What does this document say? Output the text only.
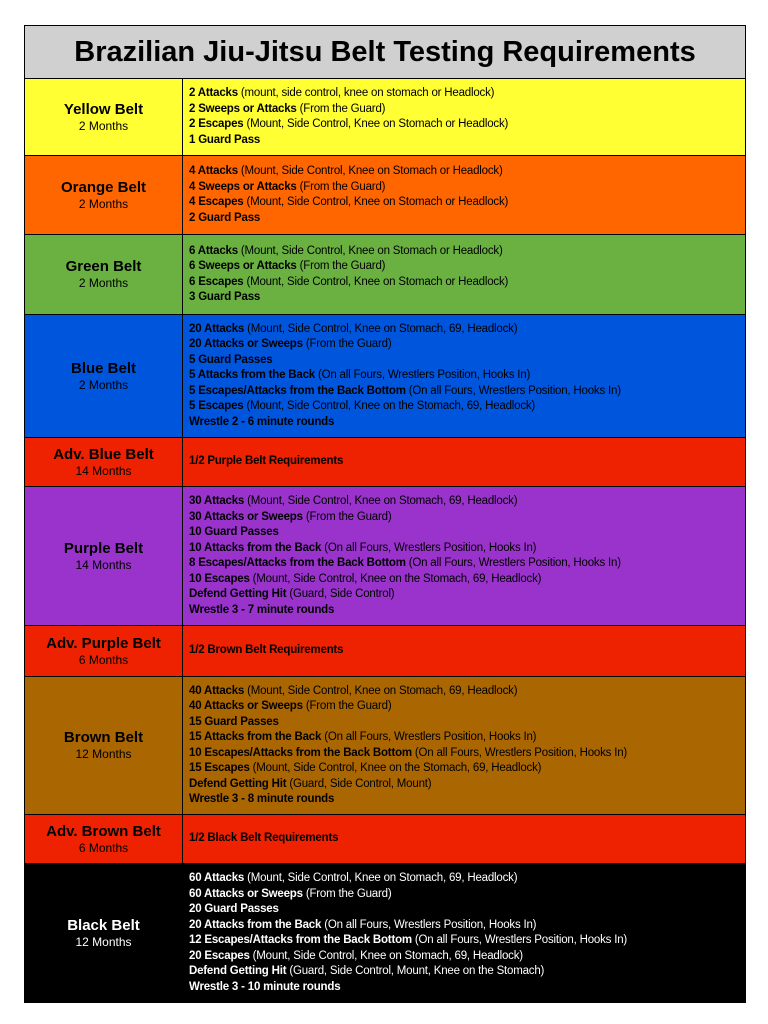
Brazilian Jiu-Jitsu Belt Testing Requirements
Yellow Belt
2 Months
2 Attacks (mount, side control, knee on stomach or Headlock)
2 Sweeps or Attacks (From the Guard)
2 Escapes (Mount, Side Control, Knee on Stomach or Headlock)
1 Guard Pass
Orange Belt
2 Months
4 Attacks (Mount, Side Control, Knee on Stomach or Headlock)
4 Sweeps or Attacks (From the Guard)
4 Escapes (Mount, Side Control, Knee on Stomach or Headlock)
2 Guard Pass
Green Belt
2 Months
6 Attacks (Mount, Side Control, Knee on Stomach or Headlock)
6 Sweeps or Attacks (From the Guard)
6 Escapes (Mount, Side Control, Knee on Stomach or Headlock)
3 Guard Pass
Blue Belt
2 Months
20 Attacks (Mount, Side Control, Knee on Stomach, 69, Headlock)
20 Attacks or Sweeps (From the Guard)
5 Guard Passes
5 Attacks from the Back (On all Fours, Wrestlers Position, Hooks In)
5 Escapes/Attacks from the Back Bottom (On all Fours, Wrestlers Position, Hooks In)
5 Escapes (Mount, Side Control, Knee on the Stomach, 69, Headlock)
Wrestle 2 - 6 minute rounds
Adv. Blue Belt
14 Months
1/2 Purple Belt Requirements
Purple Belt
14 Months
30 Attacks (Mount, Side Control, Knee on Stomach, 69, Headlock)
30 Attacks or Sweeps (From the Guard)
10 Guard Passes
10 Attacks from the Back (On all Fours, Wrestlers Position, Hooks In)
8 Escapes/Attacks from the Back Bottom (On all Fours, Wrestlers Position, Hooks In)
10 Escapes (Mount, Side Control, Knee on the Stomach, 69, Headlock)
Defend Getting Hit (Guard, Side Control)
Wrestle 3 - 7 minute rounds
Adv. Purple Belt
6 Months
1/2 Brown Belt Requirements
Brown Belt
12 Months
40 Attacks (Mount, Side Control, Knee on Stomach, 69, Headlock)
40 Attacks or Sweeps (From the Guard)
15 Guard Passes
15 Attacks from the Back (On all Fours, Wrestlers Position, Hooks In)
10 Escapes/Attacks from the Back Bottom (On all Fours, Wrestlers Position, Hooks In)
15 Escapes (Mount, Side Control, Knee on the Stomach, 69, Headlock)
Defend Getting Hit (Guard, Side Control, Mount)
Wrestle 3 - 8 minute rounds
Adv. Brown Belt
6 Months
1/2 Black Belt Requirements
Black Belt
12 Months
60 Attacks (Mount, Side Control, Knee on Stomach, 69, Headlock)
60 Attacks or Sweeps (From the Guard)
20 Guard Passes
20 Attacks from the Back (On all Fours, Wrestlers Position, Hooks In)
12 Escapes/Attacks from the Back Bottom (On all Fours, Wrestlers Position, Hooks In)
20 Escapes (Mount, Side Control, Knee on Stomach, 69, Headlock)
Defend Getting Hit (Guard, Side Control, Mount, Knee on the Stomach)
Wrestle 3 - 10 minute rounds
